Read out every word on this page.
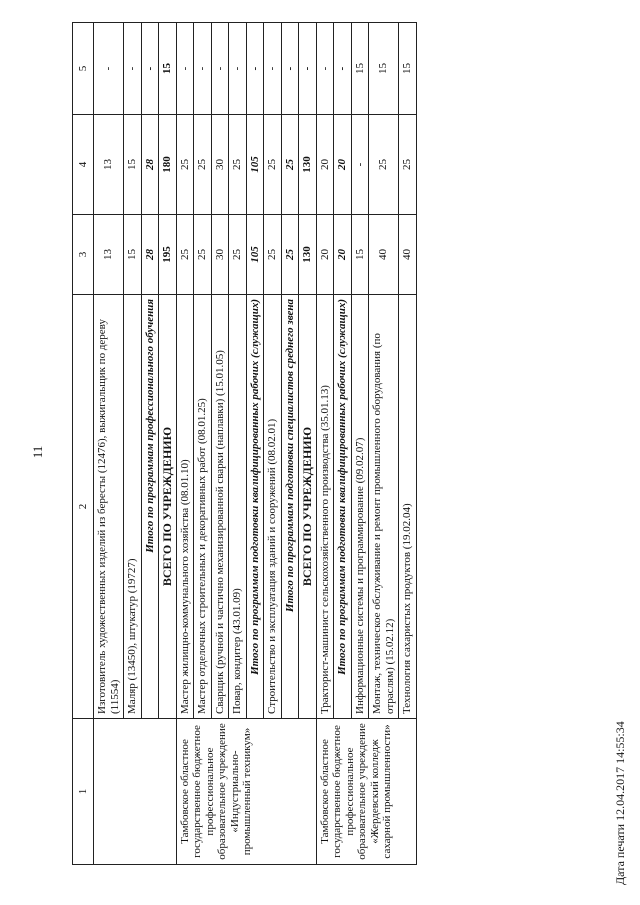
11
1	2	3	4	5
	Изготовитель художественных изделий из бересты (12476), выжигальщик по дереву (11554)	13	13	-
	Маляр (13450), штукатур (19727)	15	15	-
	Итого по программам профессионального обучения	28	28	-
	ВСЕГО ПО УЧРЕЖДЕНИЮ	195	180	15
Тамбовское областное государственное бюджетное профессиональное образовательное учреждение «Индустриально-промышленный техникум»	Мастер жилищно-коммунального хозяйства (08.01.10)	25	25	-
	Мастер отделочных строительных и декоративных работ (08.01.25)	25	25	-
	Сварщик (ручной и частично механизированной сварки (наплавки) (15.01.05)	30	30	-
	Повар, кондитер (43.01.09)	25	25	-
	Итого по программам подготовки квалифицированных рабочих (служащих)	105	105	-
	Строительство и эксплуатация зданий и сооружений (08.02.01)	25	25	-
	Итого по программам подготовки специалистов среднего звена	25	25	-
	ВСЕГО ПО УЧРЕЖДЕНИЮ	130	130	-
Тамбовское областное государственное бюджетное профессиональное образовательное учреждение «Жердевский колледж сахарной промышленности»	Тракторист-машинист сельскохозяйственного производства (35.01.13)	20	20	-
	Итого по программам подготовки квалифицированных рабочих (служащих)	20	20	-
	Информационные системы и программирование (09.02.07)	15	-	15
	Монтаж, техническое обслуживание и ремонт промышленного оборудования (по отраслям) (15.02.12)	40	25	15
	Технология сахаристых продуктов (19.02.04)	40	25	15
Дата печати 12.04.2017 14:55:34
